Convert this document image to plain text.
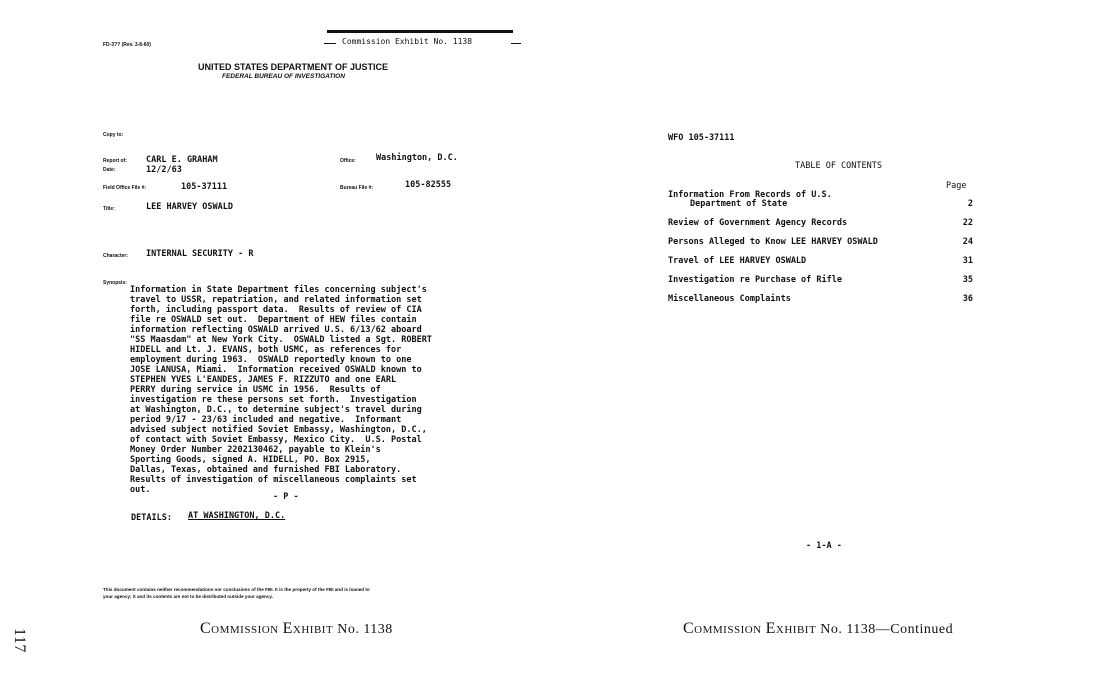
FD-3?? (Rev. 3-8-60)	Commission Exhibit No. 1138
UNITED STATES DEPARTMENT OF JUSTICE
FEDERAL BUREAU OF INVESTIGATION
Copy to:
Report of: CARL E. GRAHAM
Date:	12/2/63
Office: Washington, D.C.
Field Office File #:	105-37111	Bureau File #:	105-82555
Title:	LEE HARVEY OSWALD
Character: INTERNAL SECURITY - R
Synopsis:
Information in State Department files concerning subject's
travel to USSR, repatriation, and related information set
forth, including passport data.  Results of review of CIA
file re OSWALD set out.  Department of HEW files contain
information reflecting OSWALD arrived U.S. 6/13/62 aboard
"SS Maasdam" at New York City.  OSWALD listed a Sgt. ROBERT
HIDELL and Lt. J. EVANS, both USMC, as references for
employment during 1963.  OSWALD reportedly known to one
JOSE LANUSA, Miami.  Information received OSWALD known to
STEPHEN YVES L'EANDES, JAMES F. RIZZUTO and one EARL
PERRY during service in USMC in 1956.  Results of
investigation re these persons set forth.  Investigation
at Washington, D.C., to determine subject's travel during
period 9/17 - 23/63 included and negative.  Informant
advised subject notified Soviet Embassy, Washington, D.C.,
of contact with Soviet Embassy, Mexico City.  U.S. Postal
Money Order Number 2202130462, payable to Klein's
Sporting Goods, signed A. HIDELL, PO. Box 2915,
Dallas, Texas, obtained and furnished FBI Laboratory.
Results of investigation of miscellaneous complaints set
out.
- P -
DETAILS: AT WASHINGTON, D.C.
This document contains neither recommendations nor conclusions of the FBI. It is the property of the FBI and is loaned to
your agency; it and its contents are not to be distributed outside your agency.
COMMISSION EXHIBIT No. 1138
117
WFO 105-37111
TABLE OF CONTENTS
Page
Information From Records of U.S.
Department of State	2
Review of Government Agency Records	22
Persons Alleged to Know LEE HARVEY OSWALD	24
Travel of LEE HARVEY OSWALD	31
Investigation re Purchase of Rifle	35
Miscellaneous Complaints	36
- 1-A -
COMMISSION EXHIBIT No. 1138—Continued
